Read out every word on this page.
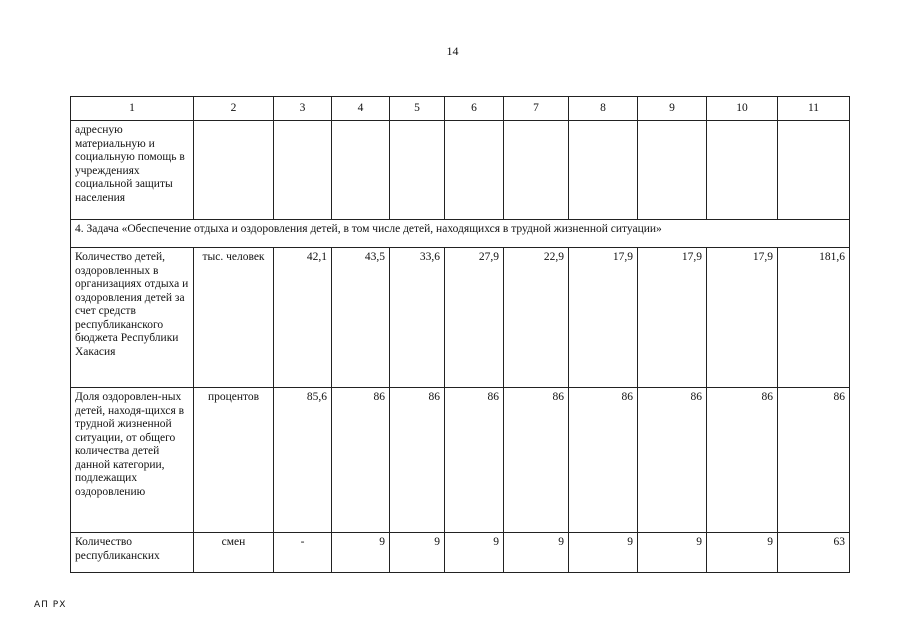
14
1	2	3	4	5	6	7	8	9	10	11
адресную материальную и социальную помощь в учреждениях социальной защиты населения										
4. Задача «Обеспечение отдыха и оздоровления детей, в том числе детей, находящихся в трудной жизненной ситуации»										
Количество детей, оздоровленных в организациях отдыха и оздоровления детей за счет средств республиканского бюджета Республики Хакасия	тыс. человек	42,1	43,5	33,6	27,9	22,9	17,9	17,9	17,9	181,6
Доля оздоровлен-ных детей, находя-щихся в трудной жизненной ситуации, от общего количества детей данной категории, подлежащих оздоровлению	процентов	85,6	86	86	86	86	86	86	86	86
Количество республиканских	смен	-	9	9	9	9	9	9	9	63
АП РХ
